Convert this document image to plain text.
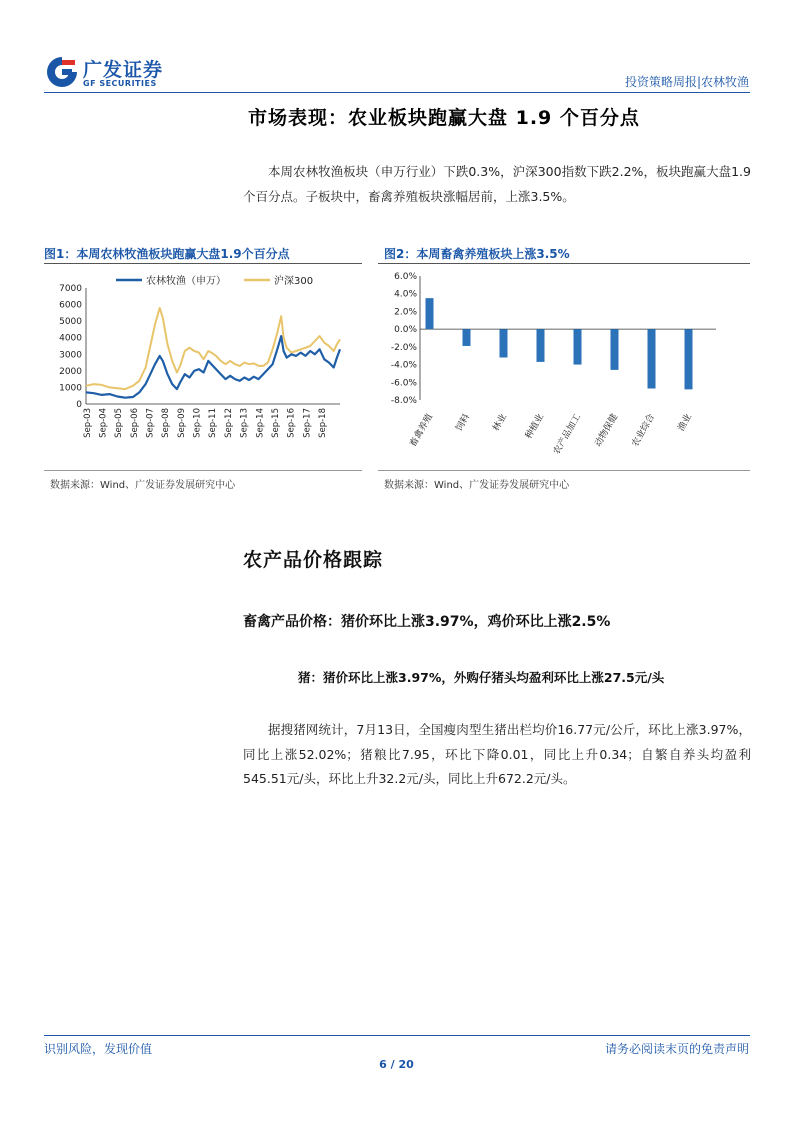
广发证券
GF SECURITIES	投资策略周报|农林牧渔
市场表现：农业板块跑赢大盘 1.9 个百分点
本周农林牧渔板块（申万行业）下跌0.3%，沪深300指数下跌2.2%，板块跑赢大盘1.9个百分点。子板块中，畜禽养殖板块涨幅居前，上涨3.5%。
图1：本周农林牧渔板块跑赢大盘1.9个百分点
0
1000
2000
3000
4000
5000
6000
7000
Sep-03 Sep-04 Sep-05 Sep-06 Sep-07 Sep-08 Sep-09 Sep-10 Sep-11 Sep-12 Sep-13 Sep-14 Sep-15 Sep-16 Sep-17 Sep-18
农林牧渔（申万）	沪深300
数据来源：Wind、广发证券发展研究中心
图2：本周畜禽养殖板块上涨3.5%
6.0%
4.0%
2.0%
0.0%
-2.0%
-4.0%
-6.0%
-8.0%
畜禽养殖 饲料 林业 种植业 农产品加工 动物保健 农业综合 渔业
数据来源：Wind、广发证券发展研究中心
农产品价格跟踪
畜禽产品价格：猪价环比上涨3.97%，鸡价环比上涨2.5%
猪：猪价环比上涨3.97%，外购仔猪头均盈利环比上涨27.5元/头
据搜猪网统计，7月13日，全国瘦肉型生猪出栏均价16.77元/公斤，环比上涨3.97%，同比上涨52.02%；猪粮比7.95，环比下降0.01，同比上升0.34；自繁自养头均盈利545.51元/头，环比上升32.2元/头，同比上升672.2元/头。
识别风险，发现价值	请务必阅读末页的免责声明
6 / 20
